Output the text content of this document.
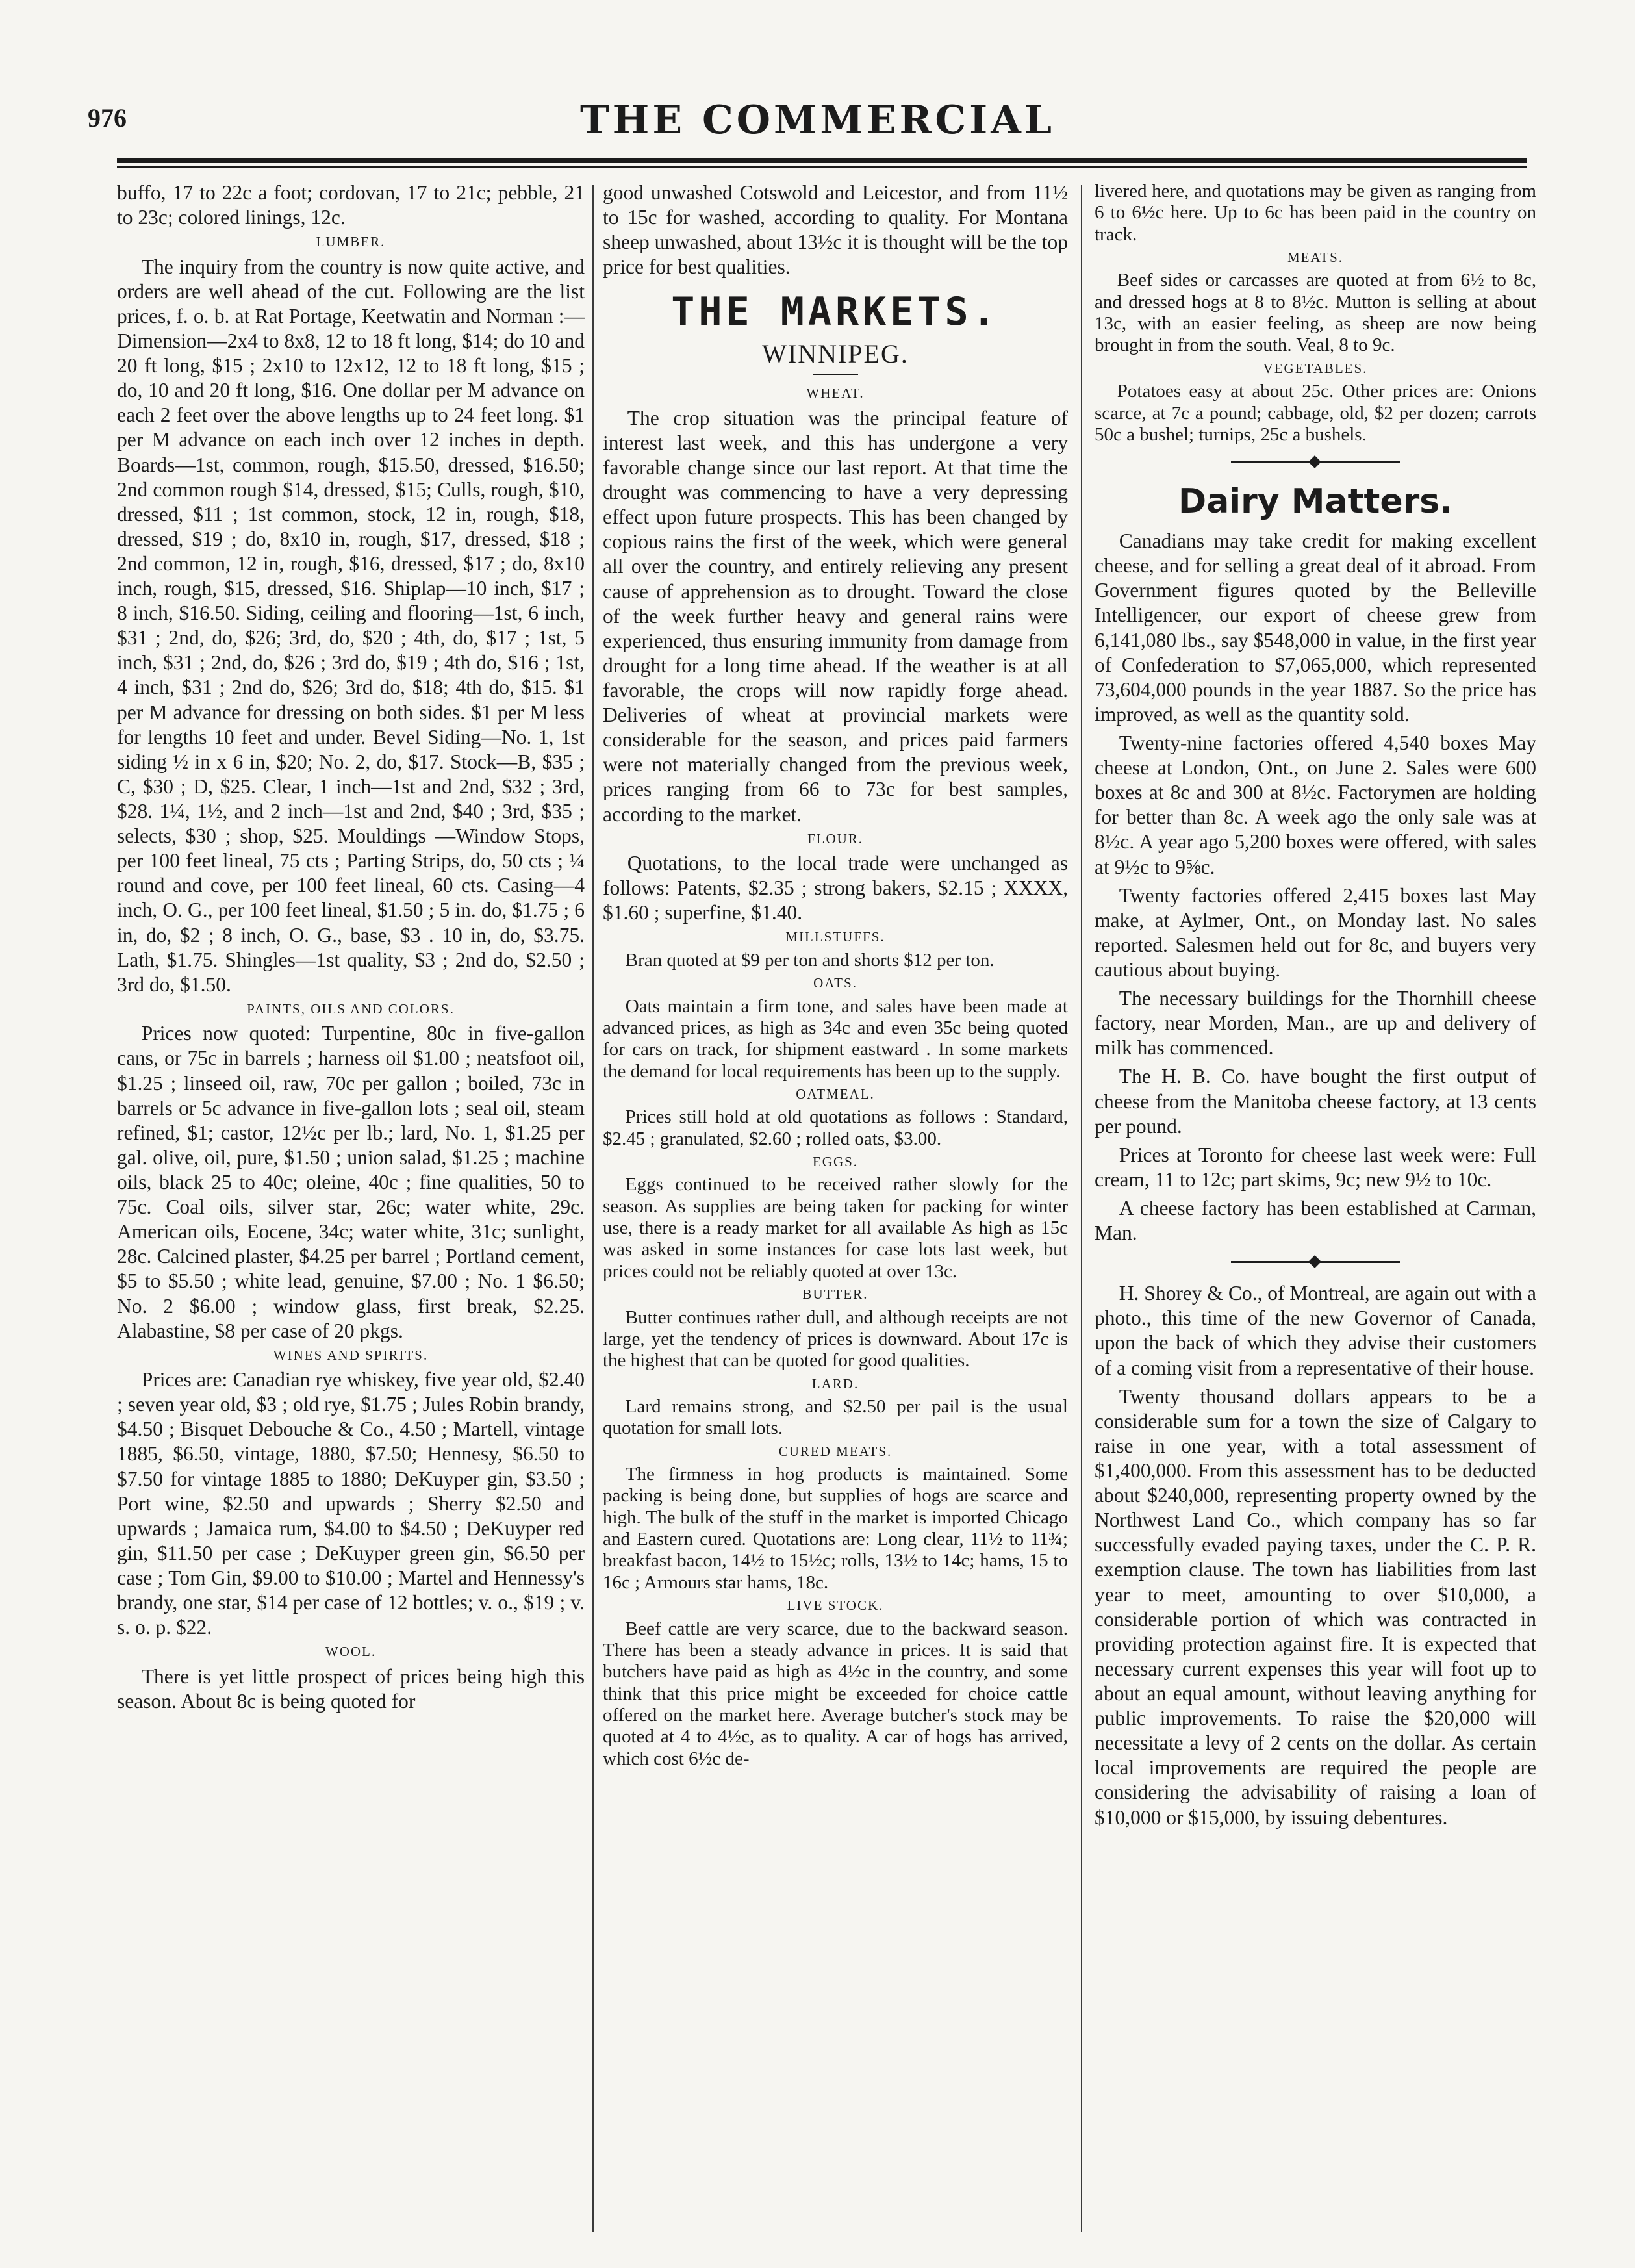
976	THE COMMERCIAL

buffo, 17 to 22c a foot; cordovan, 17 to 21c; pebble, 21 to 23c; colored linings, 12c.

LUMBER.

The inquiry from the country is now quite active, and orders are well ahead of the cut. Following are the list prices, f. o. b. at Rat Portage, Keetwatin and Norman :— Dimension—2x4 to 8x8, 12 to 18 ft long, $14; do 10 and 20 ft long, $15 ; 2x10 to 12x12, 12 to 18 ft long, $15 ; do, 10 and 20 ft long, $16. One dollar per M advance on each 2 feet over the above lengths up to 24 feet long. $1 per M advance on each inch over 12 inches in depth. Boards—1st, common, rough, $15.50, dressed, $16.50; 2nd common rough $14, dressed, $15; Culls, rough, $10, dressed, $11 ; 1st common, stock, 12 in, rough, $18, dressed, $19 ; do, 8x10 in, rough, $17, dressed, $18 ; 2nd common, 12 in, rough, $16, dressed, $17 ; do, 8x10 inch, rough, $15, dressed, $16. Shiplap—10 inch, $17 ; 8 inch, $16.50. Siding, ceiling and flooring—1st, 6 inch, $31 ; 2nd, do, $26; 3rd, do, $20 ; 4th, do, $17 ; 1st, 5 inch, $31 ; 2nd, do, $26 ; 3rd do, $19 ; 4th do, $16 ; 1st, 4 inch, $31 ; 2nd do, $26; 3rd do, $18; 4th do, $15. $1 per M advance for dressing on both sides. $1 per M less for lengths 10 feet and under. Bevel Siding—No. 1, 1st siding ½ in x 6 in, $20; No. 2, do, $17. Stock—B, $35 ; C, $30 ; D, $25. Clear, 1 inch—1st and 2nd, $32 ; 3rd, $28. 1¼, 1½, and 2 inch—1st and 2nd, $40 ; 3rd, $35 ; selects, $30 ; shop, $25. Mouldings —Window Stops, per 100 feet lineal, 75 cts ; Parting Strips, do, 50 cts ; ¼ round and cove, per 100 feet lineal, 60 cts. Casing—4 inch, O. G., per 100 feet lineal, $1.50 ; 5 in. do, $1.75 ; 6 in, do, $2 ; 8 inch, O. G., base, $3 . 10 in, do, $3.75. Lath, $1.75. Shingles—1st quality, $3 ; 2nd do, $2.50 ; 3rd do, $1.50.

PAINTS, OILS AND COLORS.

Prices now quoted: Turpentine, 80c in five-gallon cans, or 75c in barrels ; harness oil $1.00 ; neatsfoot oil, $1.25 ; linseed oil, raw, 70c per gallon ; boiled, 73c in barrels or 5c advance in five-gallon lots ; seal oil, steam refined, $1; castor, 12½c per lb.; lard, No. 1, $1.25 per gal. olive, oil, pure, $1.50 ; union salad, $1.25 ; machine oils, black 25 to 40c; oleine, 40c ; fine qualities, 50 to 75c. Coal oils, silver star, 26c; water white, 29c. American oils, Eocene, 34c; water white, 31c; sunlight, 28c. Calcined plaster, $4.25 per barrel ; Portland cement, $5 to $5.50 ; white lead, genuine, $7.00 ; No. 1 $6.50; No. 2 $6.00 ; window glass, first break, $2.25. Alabastine, $8 per case of 20 pkgs.

WINES AND SPIRITS.

Prices are: Canadian rye whiskey, five year old, $2.40 ; seven year old, $3 ; old rye, $1.75 ; Jules Robin brandy, $4.50 ; Bisquet Debouche & Co., 4.50 ; Martell, vintage 1885, $6.50, vintage, 1880, $7.50; Hennesy, $6.50 to $7.50 for vintage 1885 to 1880; DeKuyper gin, $3.50 ; Port wine, $2.50 and upwards ; Sherry $2.50 and upwards ; Jamaica rum, $4.00 to $4.50 ; DeKuyper red gin, $11.50 per case ; DeKuyper green gin, $6.50 per case ; Tom Gin, $9.00 to $10.00 ; Martel and Hennessy's brandy, one star, $14 per case of 12 bottles; v. o., $19 ; v. s. o. p. $22.

WOOL.

There is yet little prospect of prices being high this season. About 8c is being quoted for

good unwashed Cotswold and Leicestor, and from 11½ to 15c for washed, according to quality. For Montana sheep unwashed, about 13½c it is thought will be the top price for best qualities.

THE MARKETS.
WINNIPEG.
WHEAT.

The crop situation was the principal feature of interest last week, and this has undergone a very favorable change since our last report. At that time the drought was commencing to have a very depressing effect upon future prospects. This has been changed by copious rains the first of the week, which were general all over the country, and entirely relieving any present cause of apprehension as to drought. Toward the close of the week further heavy and general rains were experienced, thus ensuring immunity from damage from drought for a long time ahead. If the weather is at all favorable, the crops will now rapidly forge ahead. Deliveries of wheat at provincial markets were considerable for the season, and prices paid farmers were not materially changed from the previous week, prices ranging from 66 to 73c for best samples, according to the market.

FLOUR.

Quotations, to the local trade were unchanged as follows: Patents, $2.35 ; strong bakers, $2.15 ; XXXX, $1.60 ; superfine, $1.40.

MILLSTUFFS.

Bran quoted at $9 per ton and shorts $12 per ton.

OATS.

Oats maintain a firm tone, and sales have been made at advanced prices, as high as 34c and even 35c being quoted for cars on track, for shipment eastward . In some markets the demand for local requirements has been up to the supply.

OATMEAL.

Prices still hold at old quotations as follows : Standard, $2.45 ; granulated, $2.60 ; rolled oats, $3.00.

EGGS.

Eggs continued to be received rather slowly for the season. As supplies are being taken for packing for winter use, there is a ready market for all available As high as 15c was asked in some instances for case lots last week, but prices could not be reliably quoted at over 13c.

BUTTER.

Butter continues rather dull, and although receipts are not large, yet the tendency of prices is downward. About 17c is the highest that can be quoted for good qualities.

LARD.

Lard remains strong, and $2.50 per pail is the usual quotation for small lots.

CURED MEATS.

The firmness in hog products is maintained. Some packing is being done, but supplies of hogs are scarce and high. The bulk of the stuff in the market is imported Chicago and Eastern cured. Quotations are: Long clear, 11½ to 11¾; breakfast bacon, 14½ to 15½c; rolls, 13½ to 14c; hams, 15 to 16c ; Armours star hams, 18c.

LIVE STOCK.

Beef cattle are very scarce, due to the backward season. There has been a steady advance in prices. It is said that butchers have paid as high as 4½c in the country, and some think that this price might be exceeded for choice cattle offered on the market here. Average butcher's stock may be quoted at 4 to 4½c, as to quality. A car of hogs has arrived, which cost 6½c de-

livered here, and quotations may be given as ranging from 6 to 6½c here. Up to 6c has been paid in the country on track.

MEATS.

Beef sides or carcasses are quoted at from 6½ to 8c, and dressed hogs at 8 to 8½c. Mutton is selling at about 13c, with an easier feeling, as sheep are now being brought in from the south. Veal, 8 to 9c.

VEGETABLES.

Potatoes easy at about 25c. Other prices are: Onions scarce, at 7c a pound; cabbage, old, $2 per dozen; carrots 50c a bushel; turnips, 25c a bushels.

Dairy Matters.

Canadians may take credit for making excellent cheese, and for selling a great deal of it abroad. From Government figures quoted by the Belleville Intelligencer, our export of cheese grew from 6,141,080 lbs., say $548,000 in value, in the first year of Confederation to $7,065,000, which represented 73,604,000 pounds in the year 1887. So the price has improved, as well as the quantity sold.

Twenty-nine factories offered 4,540 boxes May cheese at London, Ont., on June 2. Sales were 600 boxes at 8c and 300 at 8½c. Factorymen are holding for better than 8c. A week ago the only sale was at 8½c. A year ago 5,200 boxes were offered, with sales at 9½c to 9⅝c.

Twenty factories offered 2,415 boxes last May make, at Aylmer, Ont., on Monday last. No sales reported. Salesmen held out for 8c, and buyers very cautious about buying.

The necessary buildings for the Thornhill cheese factory, near Morden, Man., are up and delivery of milk has commenced.

The H. B. Co. have bought the first output of cheese from the Manitoba cheese factory, at 13 cents per pound.

Prices at Toronto for cheese last week were: Full cream, 11 to 12c; part skims, 9c; new 9½ to 10c.

A cheese factory has been established at Carman, Man.

H. Shorey & Co., of Montreal, are again out with a photo., this time of the new Governor of Canada, upon the back of which they advise their customers of a coming visit from a representative of their house.

Twenty thousand dollars appears to be a considerable sum for a town the size of Calgary to raise in one year, with a total assessment of $1,400,000. From this assessment has to be deducted about $240,000, representing property owned by the Northwest Land Co., which company has so far successfully evaded paying taxes, under the C. P. R. exemption clause. The town has liabilities from last year to meet, amounting to over $10,000, a considerable portion of which was contracted in providing protection against fire. It is expected that necessary current expenses this year will foot up to about an equal amount, without leaving anything for public improvements. To raise the $20,000 will necessitate a levy of 2 cents on the dollar. As certain local improvements are required the people are considering the advisability of raising a loan of $10,000 or $15,000, by issuing debentures.
